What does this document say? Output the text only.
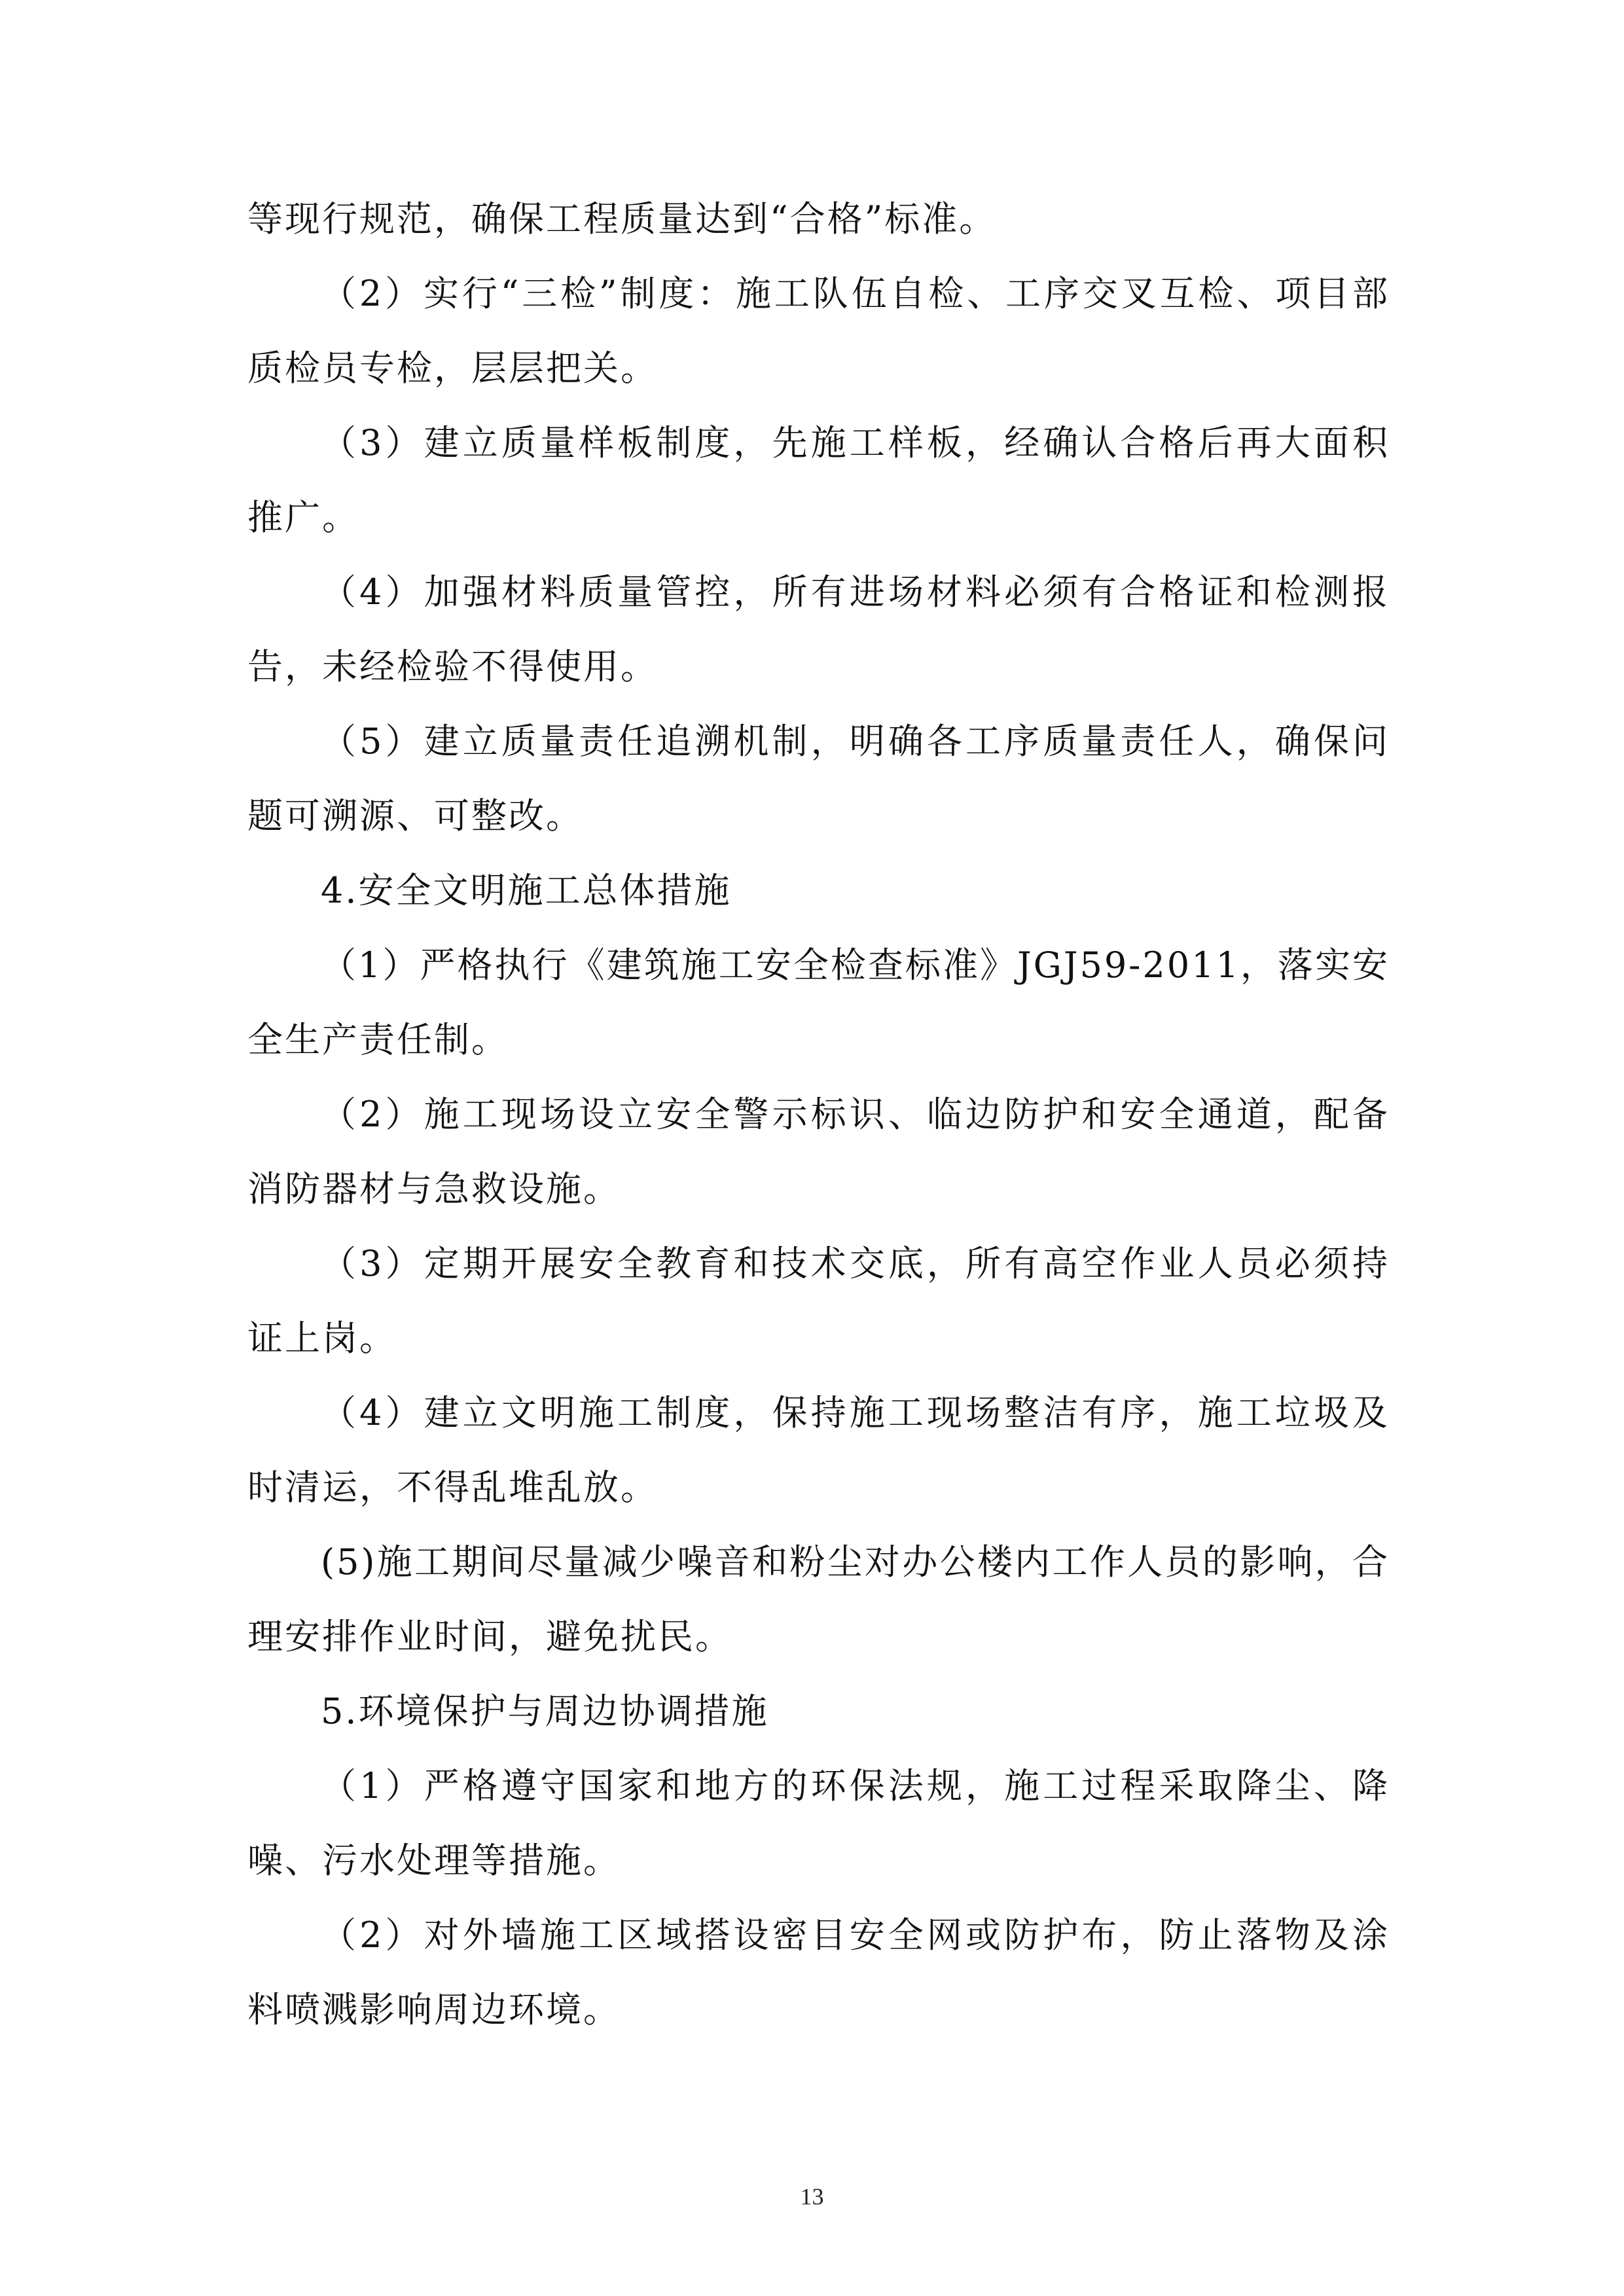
等现行规范，确保工程质量达到“合格”标准。

（2）实行“三检”制度：施工队伍自检、工序交叉互检、项目部质检员专检，层层把关。

（3）建立质量样板制度，先施工样板，经确认合格后再大面积推广。

（4）加强材料质量管控，所有进场材料必须有合格证和检测报告，未经检验不得使用。

（5）建立质量责任追溯机制，明确各工序质量责任人，确保问题可溯源、可整改。

4.安全文明施工总体措施

（1）严格执行《建筑施工安全检查标准》JGJ59-2011，落实安全生产责任制。

（2）施工现场设立安全警示标识、临边防护和安全通道，配备消防器材与急救设施。

（3）定期开展安全教育和技术交底，所有高空作业人员必须持证上岗。

（4）建立文明施工制度，保持施工现场整洁有序，施工垃圾及时清运，不得乱堆乱放。

(5)施工期间尽量减少噪音和粉尘对办公楼内工作人员的影响，合理安排作业时间，避免扰民。

5.环境保护与周边协调措施

（1）严格遵守国家和地方的环保法规，施工过程采取降尘、降噪、污水处理等措施。

（2）对外墙施工区域搭设密目安全网或防护布，防止落物及涂料喷溅影响周边环境。

13
